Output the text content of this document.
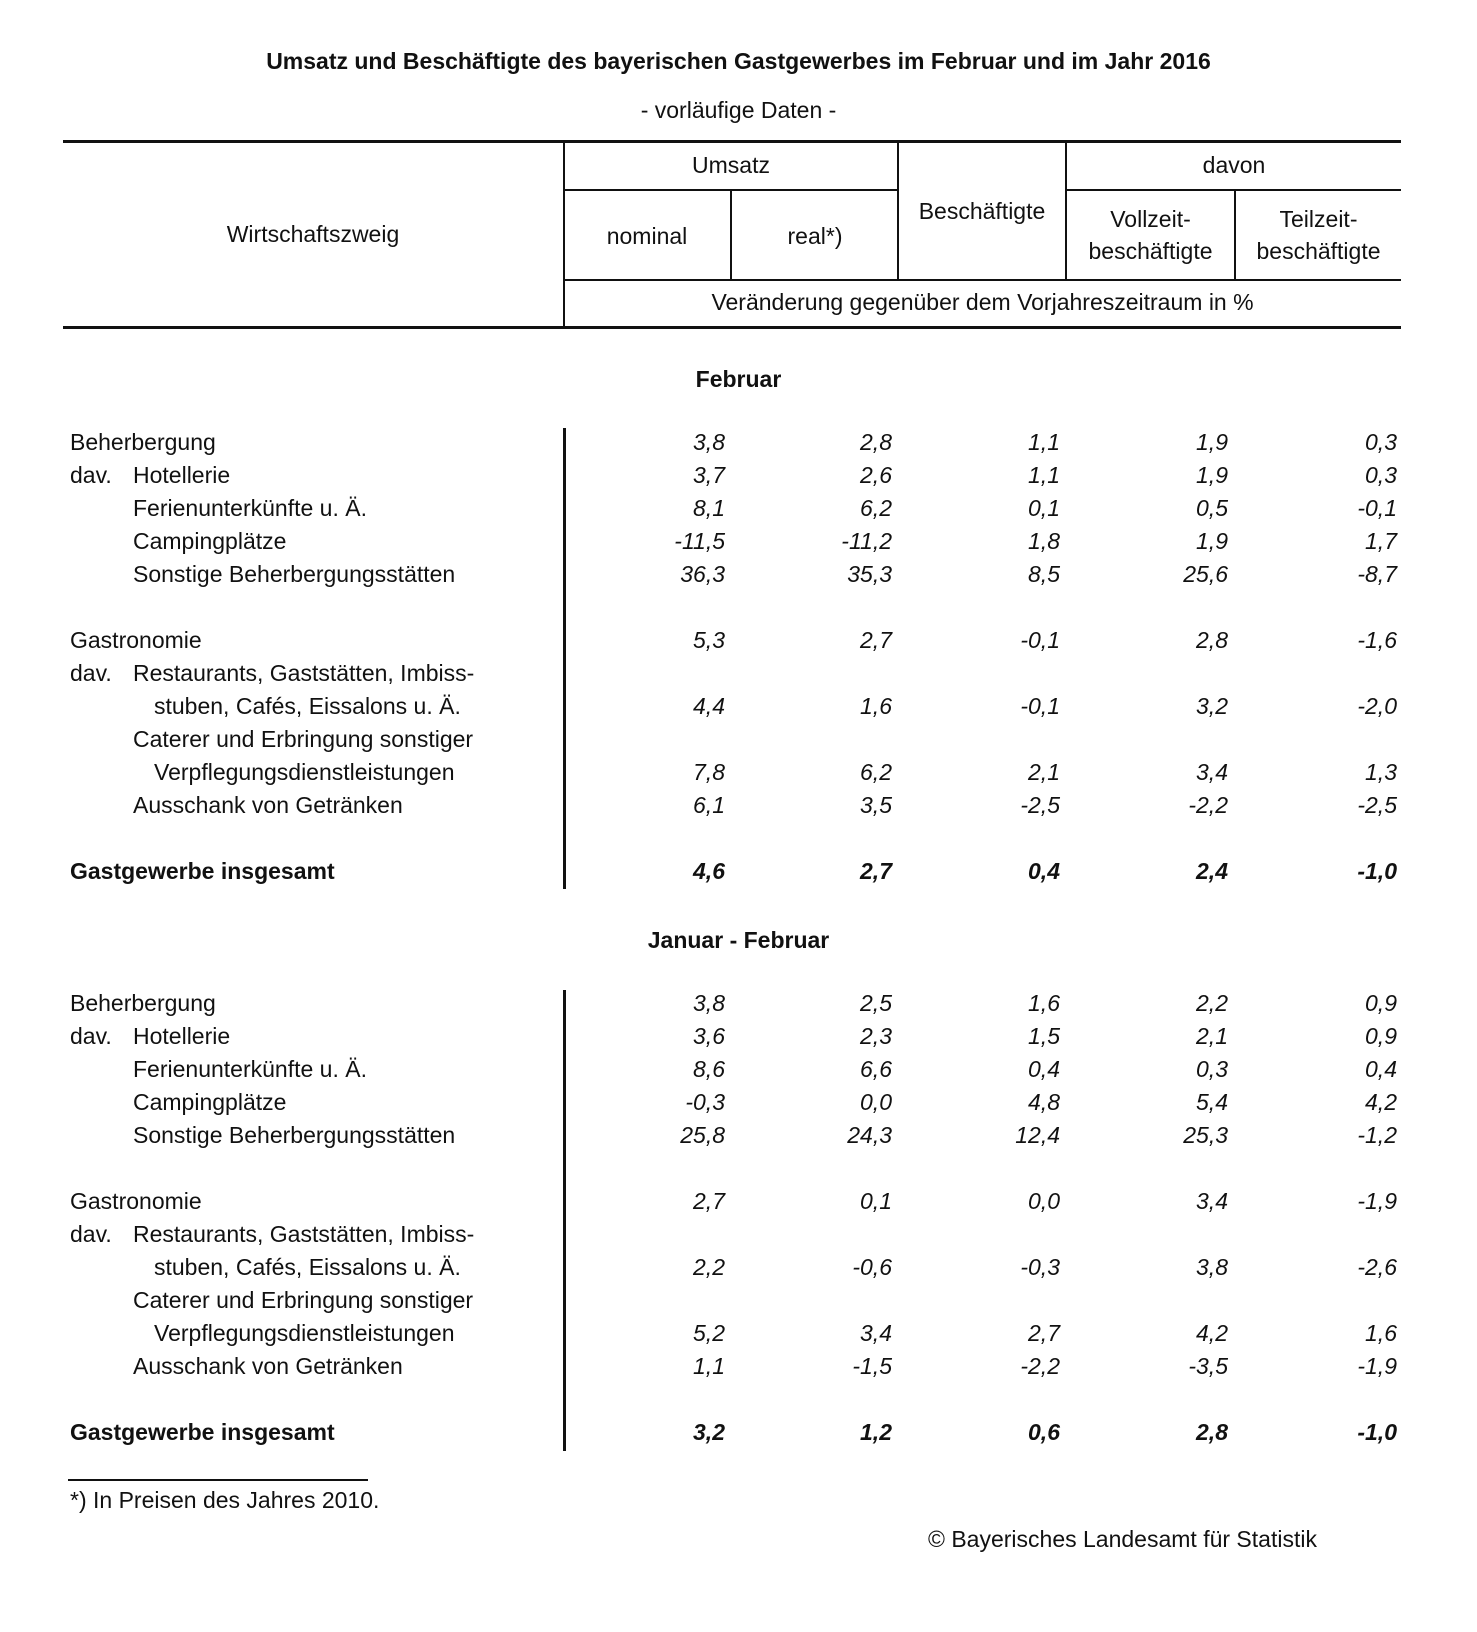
Umsatz und Beschäftigte des bayerischen Gastgewerbes im Februar und im Jahr 2016
- vorläufige Daten -
Wirtschaftszweig
Umsatz
nominal	real*)
Beschäftigte
davon
Vollzeit-
beschäftigte
Teilzeit-
beschäftigte
Veränderung gegenüber dem Vorjahreszeitraum in %
Februar
Beherbergung	3,8	2,8	1,1	1,9	0,3
dav. Hotellerie	3,7	2,6	1,1	1,9	0,3
Ferienunterkünfte u. Ä.	8,1	6,2	0,1	0,5	-0,1
Campingplätze	-11,5	-11,2	1,8	1,9	1,7
Sonstige Beherbergungsstätten	36,3	35,3	8,5	25,6	-8,7
Gastronomie	5,3	2,7	-0,1	2,8	-1,6
dav. Restaurants, Gaststätten, Imbiss-
stuben, Cafés, Eissalons u. Ä.	4,4	1,6	-0,1	3,2	-2,0
Caterer und Erbringung sonstiger
Verpflegungsdienstleistungen	7,8	6,2	2,1	3,4	1,3
Ausschank von Getränken	6,1	3,5	-2,5	-2,2	-2,5
Gastgewerbe insgesamt	4,6	2,7	0,4	2,4	-1,0
Januar - Februar
Beherbergung	3,8	2,5	1,6	2,2	0,9
dav. Hotellerie	3,6	2,3	1,5	2,1	0,9
Ferienunterkünfte u. Ä.	8,6	6,6	0,4	0,3	0,4
Campingplätze	-0,3	0,0	4,8	5,4	4,2
Sonstige Beherbergungsstätten	25,8	24,3	12,4	25,3	-1,2
Gastronomie	2,7	0,1	0,0	3,4	-1,9
dav. Restaurants, Gaststätten, Imbiss-
stuben, Cafés, Eissalons u. Ä.	2,2	-0,6	-0,3	3,8	-2,6
Caterer und Erbringung sonstiger
Verpflegungsdienstleistungen	5,2	3,4	2,7	4,2	1,6
Ausschank von Getränken	1,1	-1,5	-2,2	-3,5	-1,9
Gastgewerbe insgesamt	3,2	1,2	0,6	2,8	-1,0
*) In Preisen des Jahres 2010.
© Bayerisches Landesamt für Statistik
